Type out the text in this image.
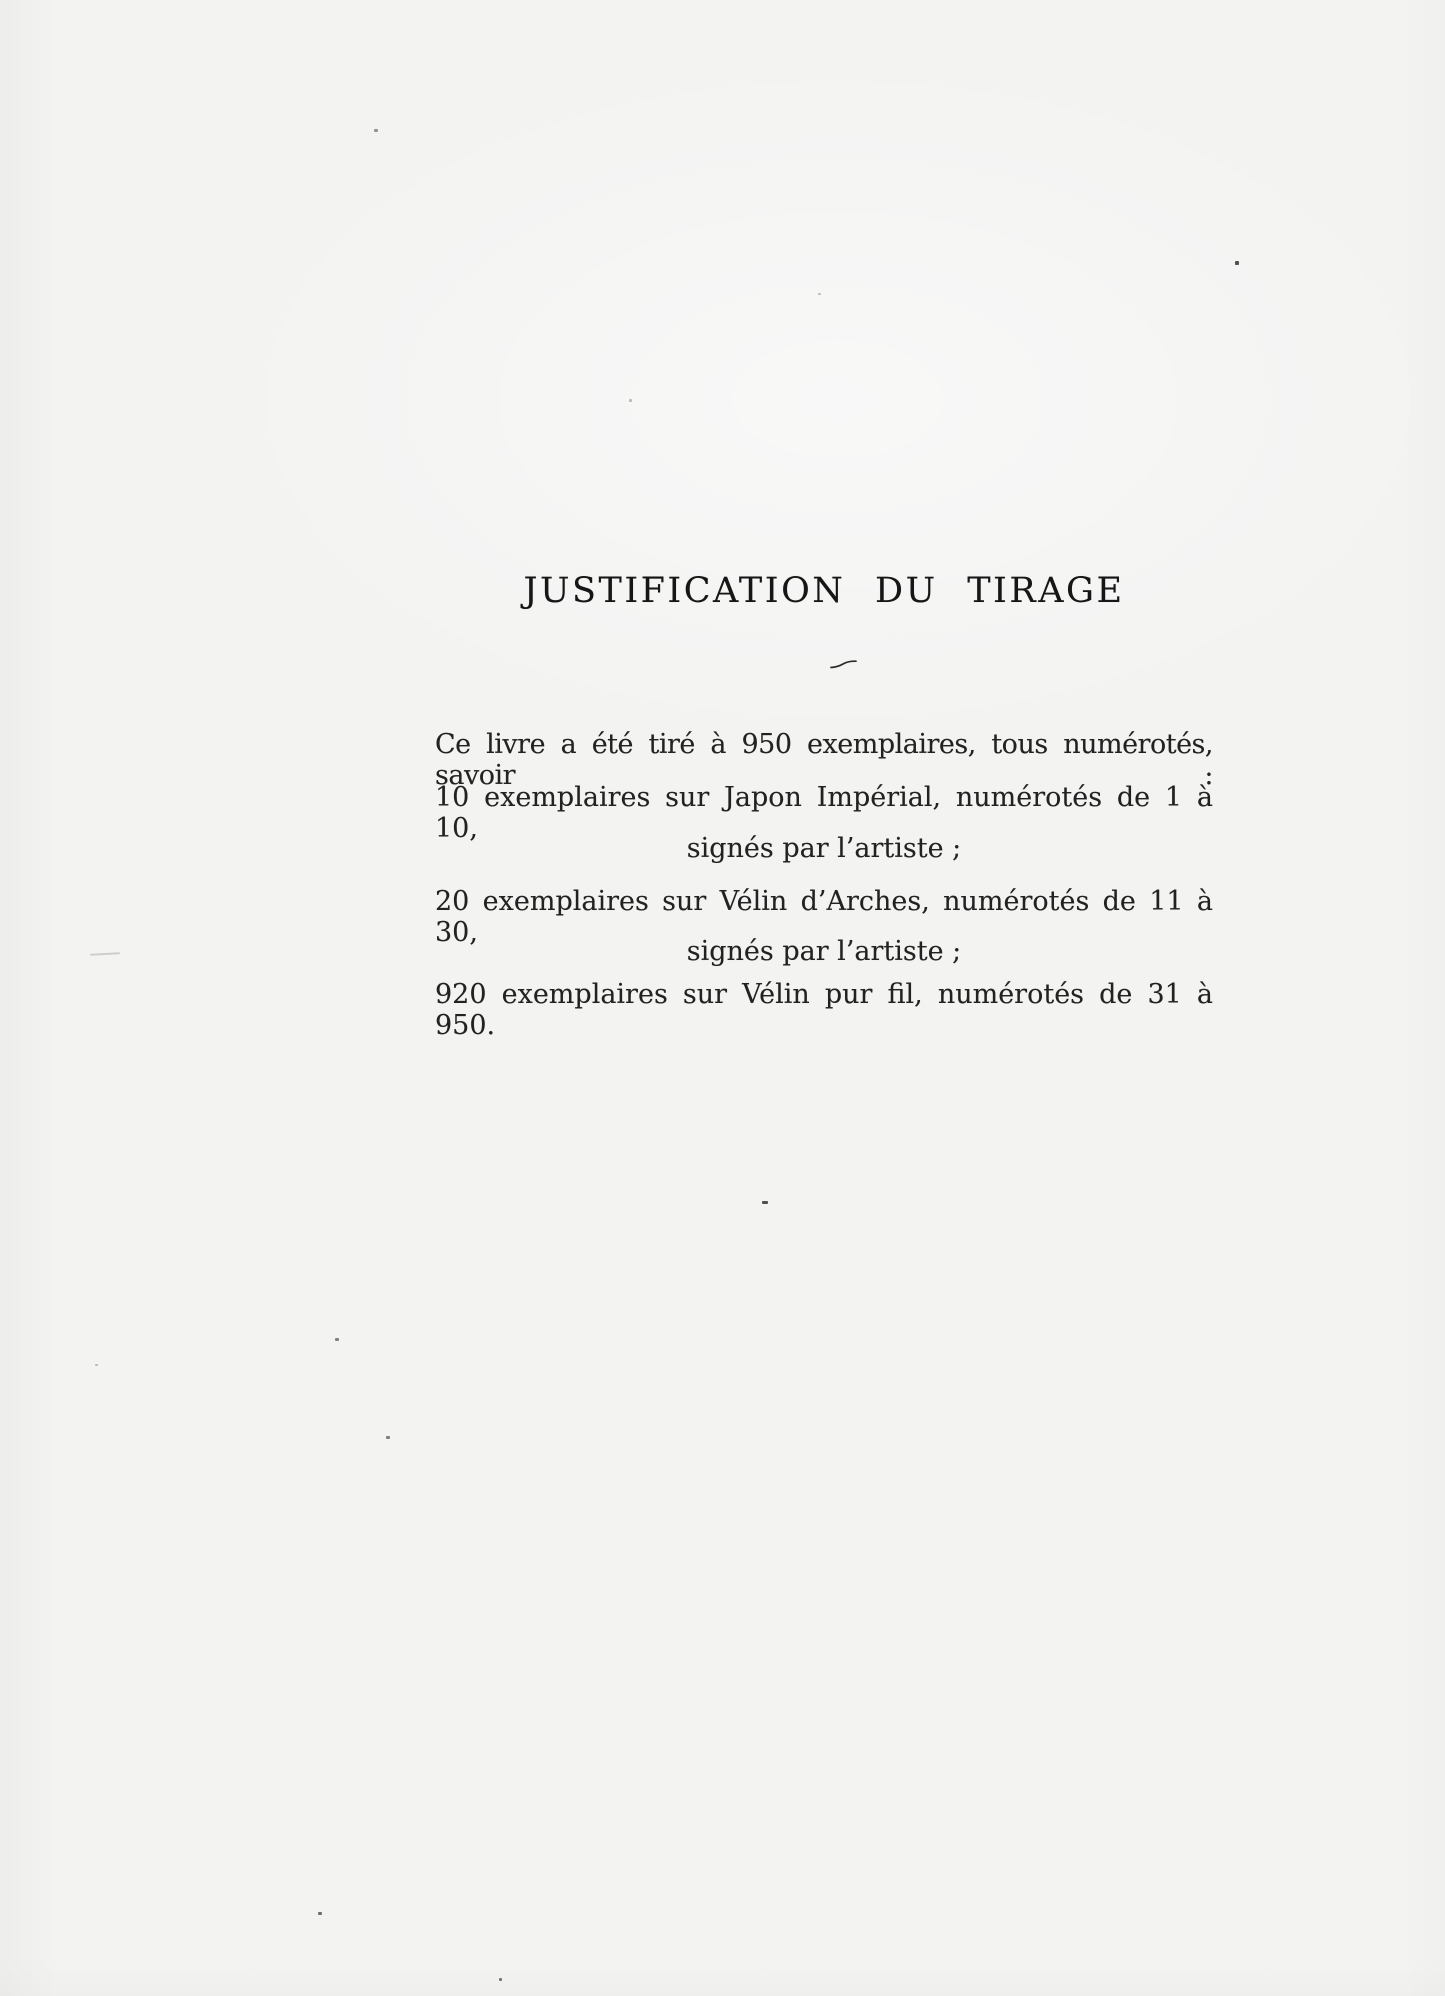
JUSTIFICATION DU TIRAGE
Ce livre a été tiré à 950 exemplaires, tous numérotés, savoir :
10 exemplaires sur Japon Impérial, numérotés de 1 à 10,
signés par l’artiste ;
20 exemplaires sur Vélin d’Arches, numérotés de 11 à 30,
signés par l’artiste ;
920 exemplaires sur Vélin pur fil, numérotés de 31 à 950.
